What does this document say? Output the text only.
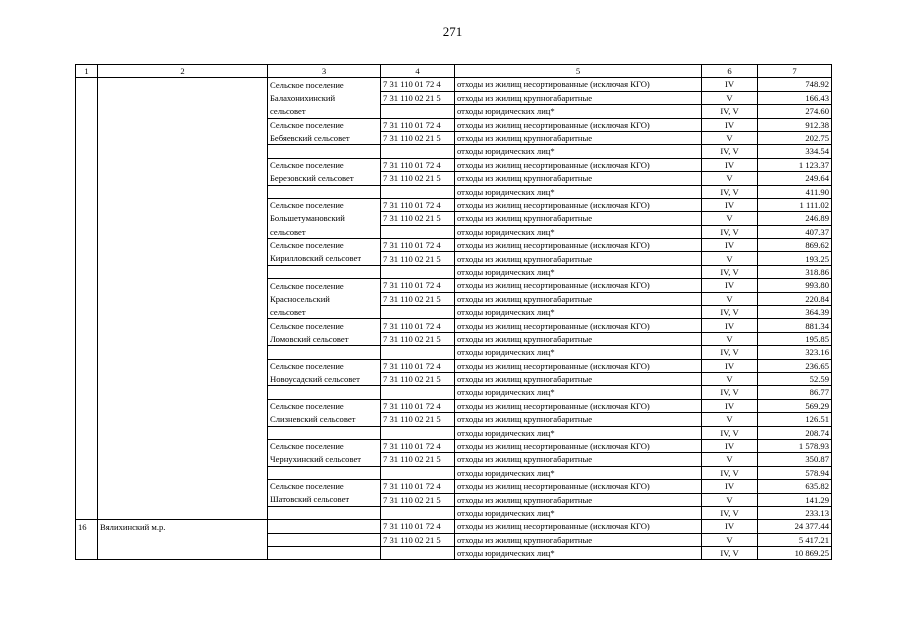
271
1	2	3	4	5	6	7
		Сельское поселение	7 31 110 01 72 4	отходы из жилищ несортированные (исключая КГО)	IV	748.92
		Балахонихинский	7 31 110 02 21 5	отходы из жилищ крупногабаритные	V	166.43
		сельсовет		отходы юридических лиц*	IV, V	274.60
		Сельское поселение	7 31 110 01 72 4	отходы из жилищ несортированные (исключая КГО)	IV	912.38
		Бебяевский сельсовет	7 31 110 02 21 5	отходы из жилищ крупногабаритные	V	202.75
				отходы юридических лиц*	IV, V	334.54
		Сельское поселение	7 31 110 01 72 4	отходы из жилищ несортированные (исключая КГО)	IV	1 123.37
		Березовский сельсовет	7 31 110 02 21 5	отходы из жилищ крупногабаритные	V	249.64
				отходы юридических лиц*	IV, V	411.90
		Сельское поселение	7 31 110 01 72 4	отходы из жилищ несортированные (исключая КГО)	IV	1 111.02
		Большетумановский	7 31 110 02 21 5	отходы из жилищ крупногабаритные	V	246.89
		сельсовет		отходы юридических лиц*	IV, V	407.37
		Сельское поселение	7 31 110 01 72 4	отходы из жилищ несортированные (исключая КГО)	IV	869.62
		Кирилловский сельсовет	7 31 110 02 21 5	отходы из жилищ крупногабаритные	V	193.25
				отходы юридических лиц*	IV, V	318.86
		Сельское поселение	7 31 110 01 72 4	отходы из жилищ несортированные (исключая КГО)	IV	993.80
		Красносельский	7 31 110 02 21 5	отходы из жилищ крупногабаритные	V	220.84
		сельсовет		отходы юридических лиц*	IV, V	364.39
		Сельское поселение	7 31 110 01 72 4	отходы из жилищ несортированные (исключая КГО)	IV	881.34
		Ломовский сельсовет	7 31 110 02 21 5	отходы из жилищ крупногабаритные	V	195.85
				отходы юридических лиц*	IV, V	323.16
		Сельское поселение	7 31 110 01 72 4	отходы из жилищ несортированные (исключая КГО)	IV	236.65
		Новоусадский сельсовет	7 31 110 02 21 5	отходы из жилищ крупногабаритные	V	52.59
				отходы юридических лиц*	IV, V	86.77
		Сельское поселение	7 31 110 01 72 4	отходы из жилищ несортированные (исключая КГО)	IV	569.29
		Слизневский сельсовет	7 31 110 02 21 5	отходы из жилищ крупногабаритные	V	126.51
				отходы юридических лиц*	IV, V	208.74
		Сельское поселение	7 31 110 01 72 4	отходы из жилищ несортированные (исключая КГО)	IV	1 578.93
		Чернухинский сельсовет	7 31 110 02 21 5	отходы из жилищ крупногабаритные	V	350.87
				отходы юридических лиц*	IV, V	578.94
		Сельское поселение	7 31 110 01 72 4	отходы из жилищ несортированные (исключая КГО)	IV	635.82
		Шатовский сельсовет	7 31 110 02 21 5	отходы из жилищ крупногабаритные	V	141.29
				отходы юридических лиц*	IV, V	233.13
16	Вялихинский м.р.		7 31 110 01 72 4	отходы из жилищ несортированные (исключая КГО)	IV	24 377.44
			7 31 110 02 21 5	отходы из жилищ крупногабаритные	V	5 417.21
				отходы юридических лиц*	IV, V	10 869.25
